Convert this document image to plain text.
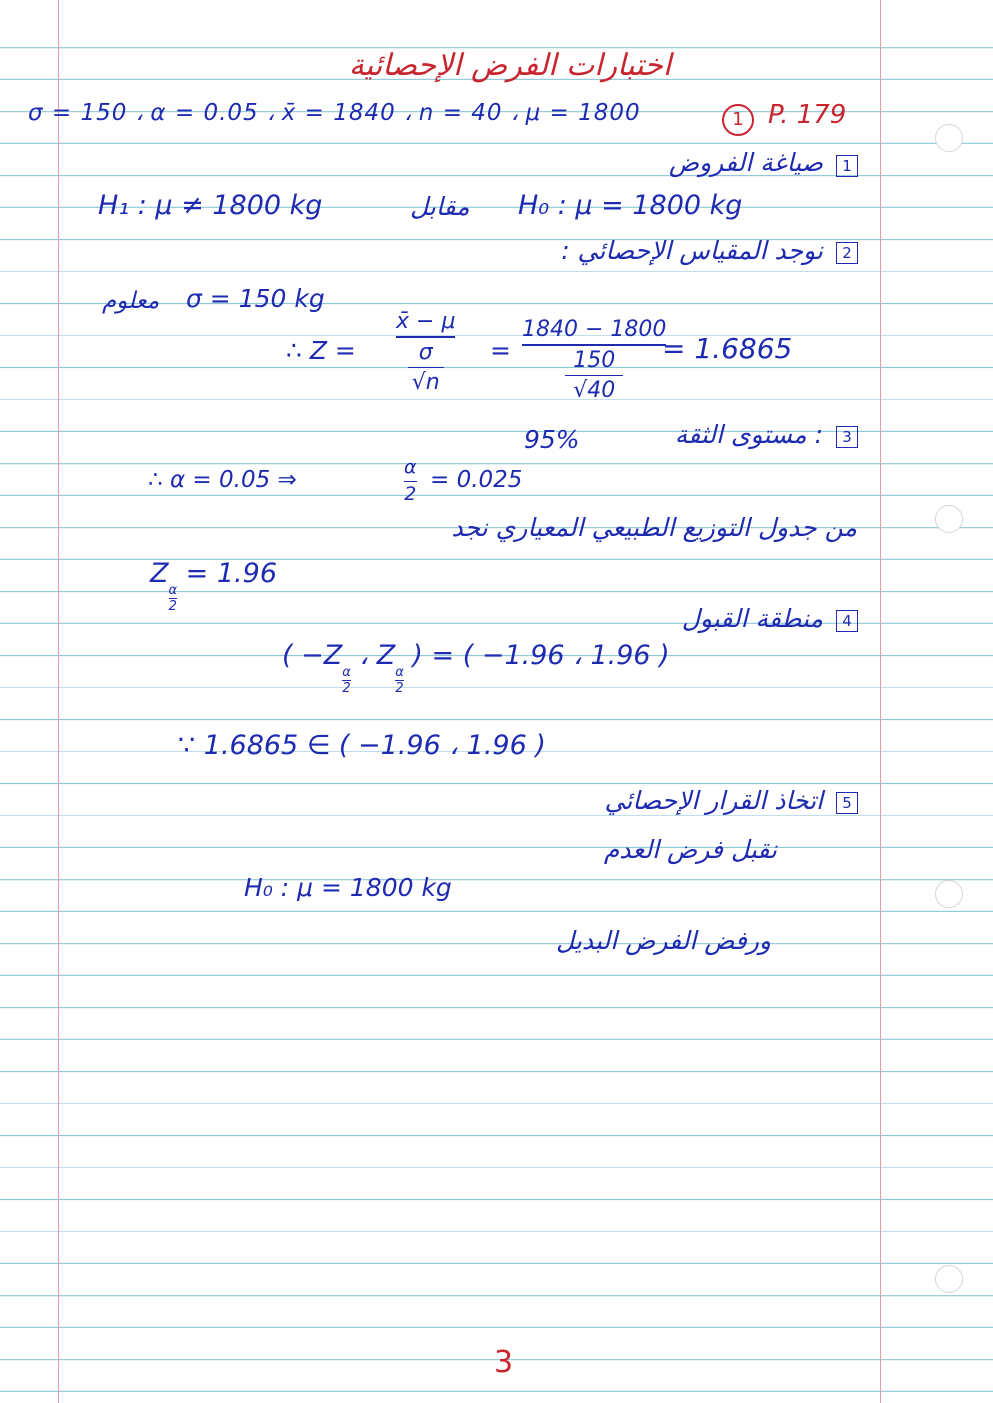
اختبارات الفرض الإحصائية
σ = 150 ، α = 0.05 ، x̄ = 1840 ، n = 40 ، μ = 1800	1 P. 179
1
صياغة الفروض
H₁ : μ ≠ 1800 kg	مقابل H₀ : μ = 1800 kg
2
نوجد المقياس الإحصائي :
معلوم σ = 150 kg
∴ Z =
x̄ − μ
σ
√n
=
1840 − 1800
150
√40
= 1.6865
3
: مستوى الثقة
95%
∴ α = 0.05 ⇒	α
2
= 0.025
من جدول التوزيع الطبيعي المعياري نجد
Z
$\frac{\alpha}{2}$
= 1.96
4
منطقة القبول
( −Z
$\frac{\alpha}{2}$
، Z
$\frac{\alpha}{2}$
) = ( −1.96 ، 1.96 )
∵ 1.6865 ∈ ( −1.96 ، 1.96 )
5
اتخاذ القرار الإحصائي
نقبل فرض العدم
H₀ : μ = 1800 kg
ورفض الفرض البديل
3
